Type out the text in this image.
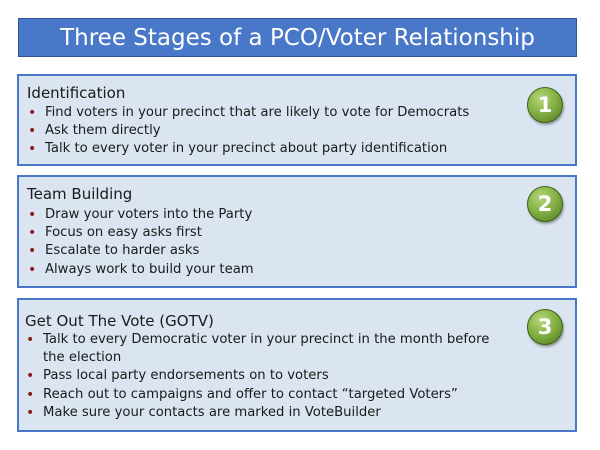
Three Stages of a PCO/Voter Relationship
Identification
• Find voters in your precinct that are likely to vote for Democrats
• Ask them directly
• Talk to every voter in your precinct about party identification
1
Team Building
• Draw your voters into the Party
• Focus on easy asks first
• Escalate to harder asks
• Always work to build your team
2
Get Out The Vote (GOTV)
• Talk to every Democratic voter in your precinct in the month before
the election
• Pass local party endorsements on to voters
• Reach out to campaigns and offer to contact “targeted Voters”
• Make sure your contacts are marked in VoteBuilder
3
